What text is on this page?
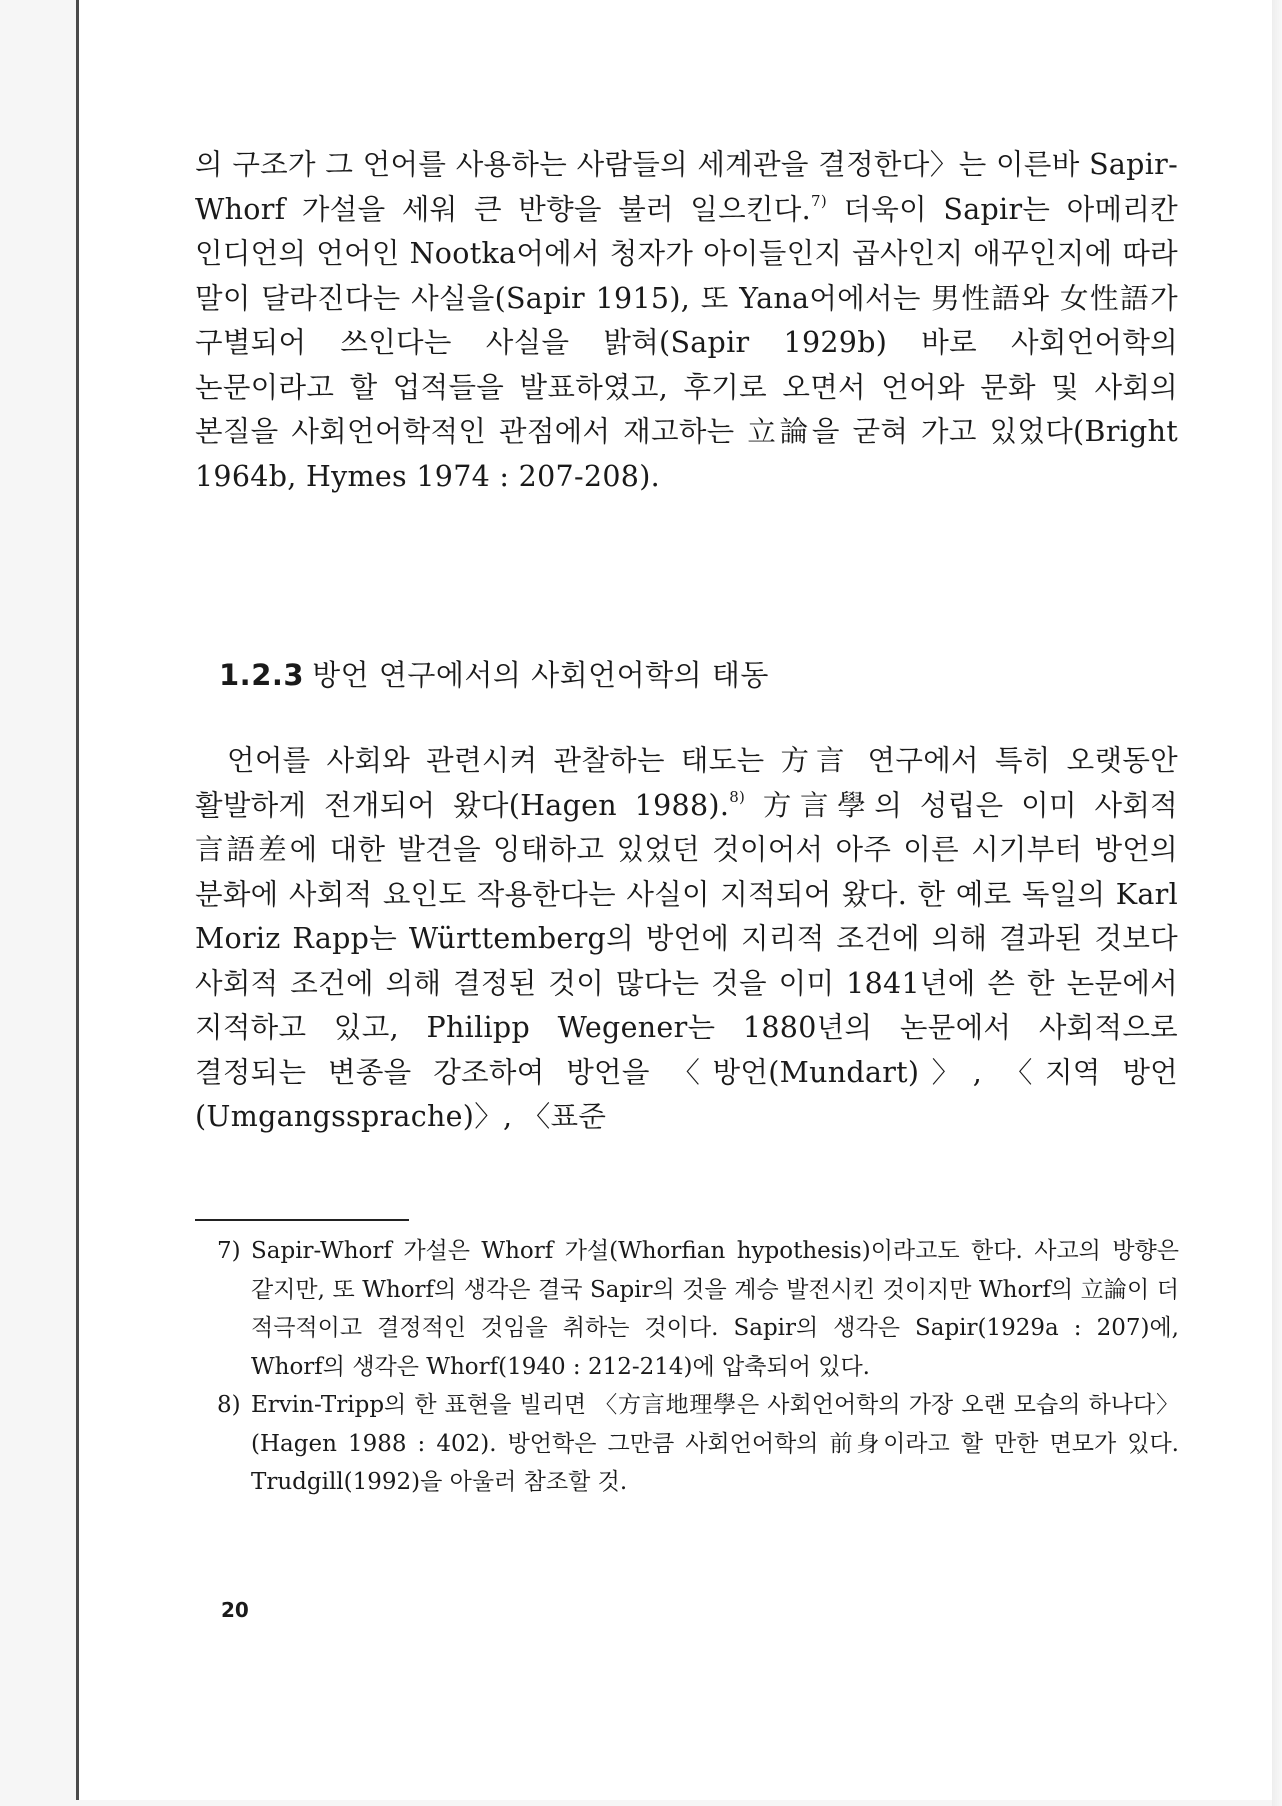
의 구조가 그 언어를 사용하는 사람들의 세계관을 결정한다〉는 이른바 Sapir-Whorf 가설을 세워 큰 반향을 불러 일으킨다.$^{7)}$ 더욱이 Sapir는 아메리칸 인디언의 언어인 Nootka어에서 청자가 아이들인지 곱사인지 애꾸인지에 따라 말이 달라진다는 사실을(Sapir 1915), 또 Yana어에서는 男性語와 女性語가 구별되어 쓰인다는 사실을 밝혀(Sapir 1929b) 바로 사회언어학의 논문이라고 할 업적들을 발표하였고, 후기로 오면서 언어와 문화 및 사회의 본질을 사회언어학적인 관점에서 재고하는 立論을 굳혀 가고 있었다(Bright 1964b, Hymes 1974 : 207-208).

1.2.3 방언 연구에서의 사회언어학의 태동

언어를 사회와 관련시켜 관찰하는 태도는 方言 연구에서 특히 오랫동안 활발하게 전개되어 왔다(Hagen 1988).$^{8)}$ 方言學의 성립은 이미 사회적 言語差에 대한 발견을 잉태하고 있었던 것이어서 아주 이른 시기부터 방언의 분화에 사회적 요인도 작용한다는 사실이 지적되어 왔다. 한 예로 독일의 Karl Moriz Rapp는 Württemberg의 방언에 지리적 조건에 의해 결과된 것보다 사회적 조건에 의해 결정된 것이 많다는 것을 이미 1841년에 쓴 한 논문에서 지적하고 있고, Philipp Wegener는 1880년의 논문에서 사회적으로 결정되는 변종을 강조하여 방언을 〈방언(Mundart)〉, 〈지역 방언(Umgangssprache)〉, 〈표준

7) Sapir-Whorf 가설은 Whorf 가설(Whorfian hypothesis)이라고도 한다. 사고의 방향은 같지만, 또 Whorf의 생각은 결국 Sapir의 것을 계승 발전시킨 것이지만 Whorf의 立論이 더 적극적이고 결정적인 것임을 취하는 것이다. Sapir의 생각은 Sapir(1929a : 207)에, Whorf의 생각은 Whorf(1940 : 212-214)에 압축되어 있다.

8) Ervin-Tripp의 한 표현을 빌리면 〈方言地理學은 사회언어학의 가장 오랜 모습의 하나다〉(Hagen 1988 : 402). 방언학은 그만큼 사회언어학의 前身이라고 할 만한 면모가 있다. Trudgill(1992)을 아울러 참조할 것.

20
